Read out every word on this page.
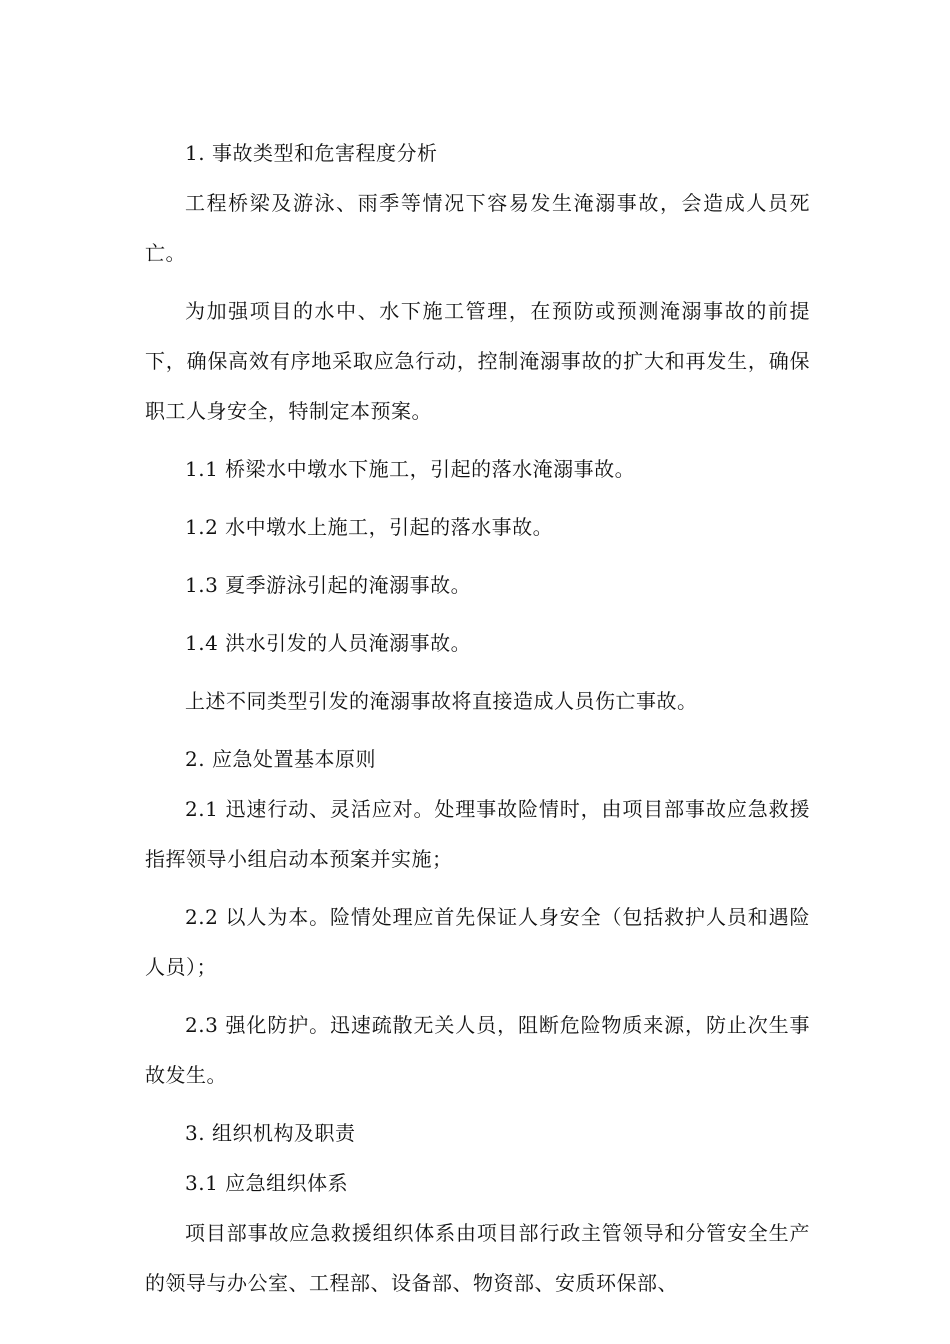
1. 事故类型和危害程度分析

工程桥梁及游泳、雨季等情况下容易发生淹溺事故，会造成人员死亡。

为加强项目的水中、水下施工管理，在预防或预测淹溺事故的前提下，确保高效有序地采取应急行动，控制淹溺事故的扩大和再发生，确保职工人身安全，特制定本预案。

1.1 桥梁水中墩水下施工，引起的落水淹溺事故。

1.2 水中墩水上施工，引起的落水事故。

1.3 夏季游泳引起的淹溺事故。

1.4 洪水引发的人员淹溺事故。

上述不同类型引发的淹溺事故将直接造成人员伤亡事故。

2. 应急处置基本原则

2.1 迅速行动、灵活应对。处理事故险情时，由项目部事故应急救援指挥领导小组启动本预案并实施；

2.2 以人为本。险情处理应首先保证人身安全（包括救护人员和遇险人员）；

2.3 强化防护。迅速疏散无关人员，阻断危险物质来源，防止次生事故发生。

3. 组织机构及职责

3.1 应急组织体系

项目部事故应急救援组织体系由项目部行政主管领导和分管安全生产的领导与办公室、工程部、设备部、物资部、安质环保部、
